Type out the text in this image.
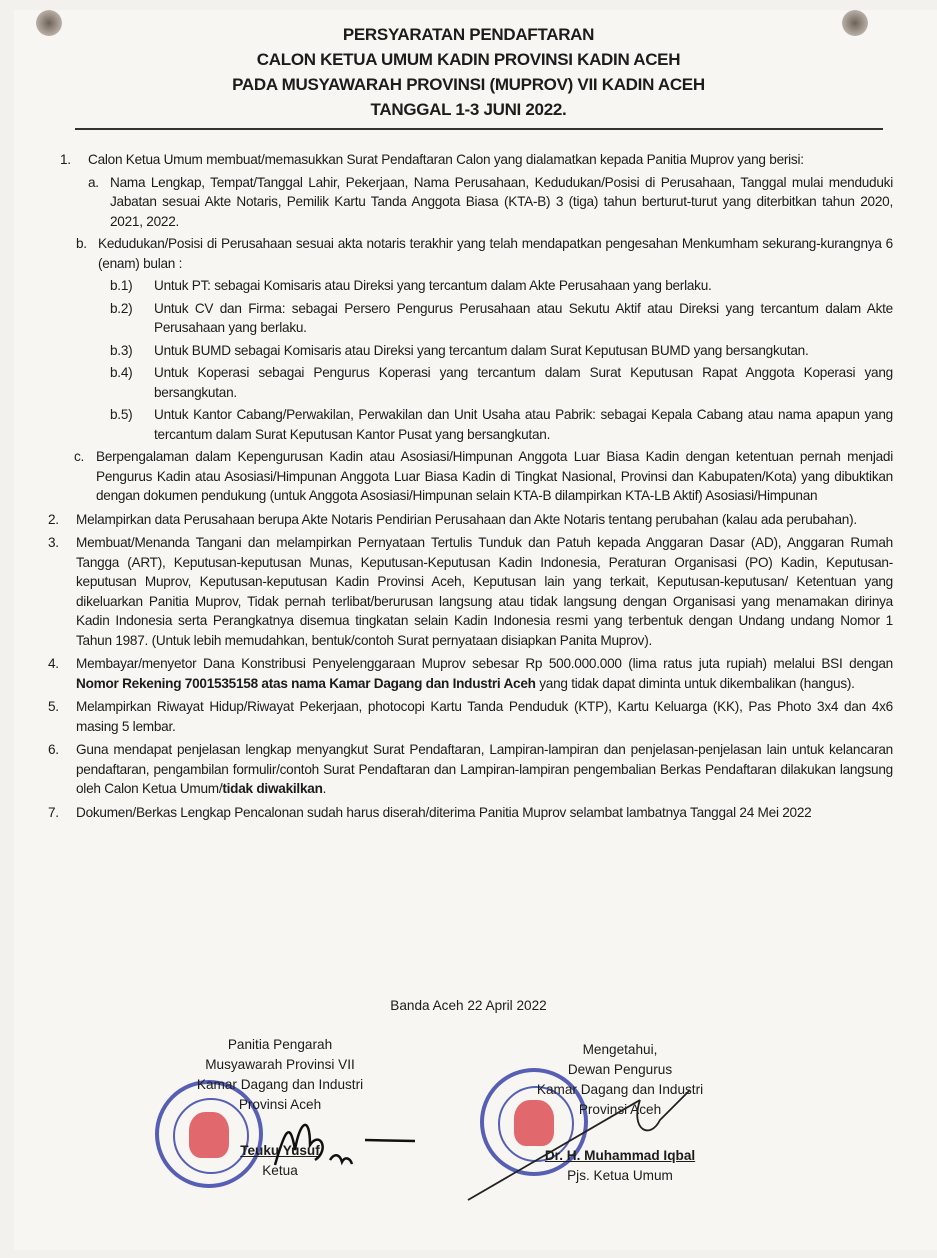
PERSYARATAN PENDAFTARAN
CALON KETUA UMUM KADIN PROVINSI KADIN ACEH
PADA MUSYAWARAH PROVINSI (MUPROV) VII KADIN ACEH
TANGGAL 1-3 JUNI 2022.
1.	Calon Ketua Umum membuat/memasukkan Surat Pendaftaran Calon yang dialamatkan kepada Panitia Muprov yang berisi:
a. Nama Lengkap, Tempat/Tanggal Lahir, Pekerjaan, Nama Perusahaan, Kedudukan/Posisi di Perusahaan, Tanggal mulai menduduki Jabatan sesuai Akte Notaris, Pemilik Kartu Tanda Anggota Biasa (KTA-B) 3 (tiga) tahun berturut-turut yang diterbitkan tahun 2020, 2021, 2022.
b. Kedudukan/Posisi di Perusahaan sesuai akta notaris terakhir yang telah mendapatkan pengesahan Menkumham sekurang-kurangnya 6 (enam) bulan :
b.1)	Untuk PT: sebagai Komisaris atau Direksi yang tercantum dalam Akte Perusahaan yang berlaku.
b.2)	Untuk CV dan Firma: sebagai Persero Pengurus Perusahaan atau Sekutu Aktif atau Direksi yang tercantum dalam Akte Perusahaan yang berlaku.
b.3)	Untuk BUMD sebagai Komisaris atau Direksi yang tercantum dalam Surat Keputusan BUMD yang bersangkutan.
b.4)	Untuk Koperasi sebagai Pengurus Koperasi yang tercantum dalam Surat Keputusan Rapat Anggota Koperasi yang bersangkutan.
b.5)	Untuk Kantor Cabang/Perwakilan, Perwakilan dan Unit Usaha atau Pabrik: sebagai Kepala Cabang atau nama apapun yang tercantum dalam Surat Keputusan Kantor Pusat yang bersangkutan.
c. Berpengalaman dalam Kepengurusan Kadin atau Asosiasi/Himpunan Anggota Luar Biasa Kadin dengan ketentuan pernah menjadi Pengurus Kadin atau Asosiasi/Himpunan Anggota Luar Biasa Kadin di Tingkat Nasional, Provinsi dan Kabupaten/Kota) yang dibuktikan dengan dokumen pendukung (untuk Anggota Asosiasi/Himpunan selain KTA-B dilampirkan KTA-LB Aktif) Asosiasi/Himpunan
2.	Melampirkan data Perusahaan berupa Akte Notaris Pendirian Perusahaan dan Akte Notaris tentang perubahan (kalau ada perubahan).
3.	Membuat/Menanda Tangani dan melampirkan Pernyataan Tertulis Tunduk dan Patuh kepada Anggaran Dasar (AD), Anggaran Rumah Tangga (ART), Keputusan-keputusan Munas, Keputusan-Keputusan Kadin Indonesia, Peraturan Organisasi (PO) Kadin, Keputusan-keputusan Muprov, Keputusan-keputusan Kadin Provinsi Aceh, Keputusan lain yang terkait, Keputusan-keputusan/ Ketentuan yang dikeluarkan Panitia Muprov, Tidak pernah terlibat/berurusan langsung atau tidak langsung dengan Organisasi yang menamakan dirinya Kadin Indonesia serta Perangkatnya disemua tingkatan selain Kadin Indonesia resmi yang terbentuk dengan Undang undang Nomor 1 Tahun 1987. (Untuk lebih memudahkan, bentuk/contoh Surat pernyataan disiapkan Panita Muprov).
4.	Membayar/menyetor Dana Konstribusi Penyelenggaraan Muprov sebesar Rp 500.000.000 (lima ratus juta rupiah) melalui BSI dengan Nomor Rekening 7001535158 atas nama Kamar Dagang dan Industri Aceh yang tidak dapat diminta untuk dikembalikan (hangus).
5.	Melampirkan Riwayat Hidup/Riwayat Pekerjaan, photocopi Kartu Tanda Penduduk (KTP), Kartu Keluarga (KK), Pas Photo 3x4 dan 4x6 masing 5 lembar.
6.	Guna mendapat penjelasan lengkap menyangkut Surat Pendaftaran, Lampiran-lampiran dan penjelasan-penjelasan lain untuk kelancaran pendaftaran, pengambilan formulir/contoh Surat Pendaftaran dan Lampiran-lampiran pengembalian Berkas Pendaftaran dilakukan langsung oleh Calon Ketua Umum/tidak diwakilkan.
7.	Dokumen/Berkas Lengkap Pencalonan sudah harus diserah/diterima Panitia Muprov selambat lambatnya Tanggal 24 Mei 2022
Banda Aceh 22 April 2022
Panitia Pengarah
Musyawarah Provinsi VII
Kamar Dagang dan Industri
Provinsi Aceh
Teuku Yusuf
Ketua
Mengetahui,
Dewan Pengurus
Kamar Dagang dan Industri
Provinsi Aceh
Dr. H. Muhammad Iqbal
Pjs. Ketua Umum
